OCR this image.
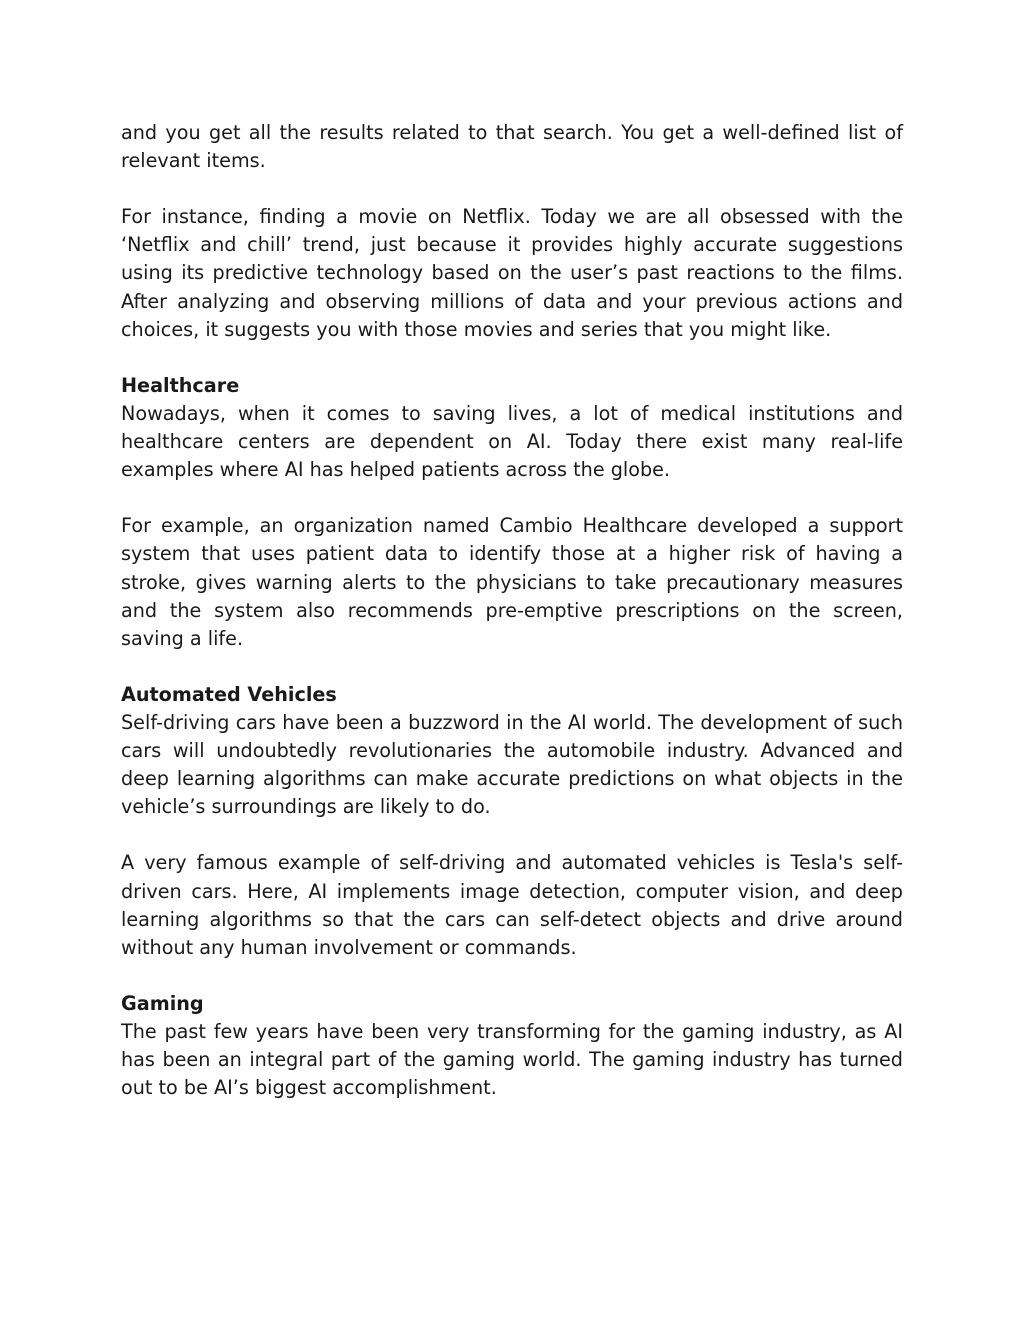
and you get all the results related to that search. You get a well-defined list of relevant items.

For instance, finding a movie on Netflix. Today we are all obsessed with the ‘Netflix and chill’ trend, just because it provides highly accurate suggestions using its predictive technology based on the user’s past reactions to the films. After analyzing and observing millions of data and your previous actions and choices, it suggests you with those movies and series that you might like.

Healthcare

Nowadays, when it comes to saving lives, a lot of medical institutions and healthcare centers are dependent on AI. Today there exist many real-life examples where AI has helped patients across the globe.

For example, an organization named Cambio Healthcare developed a support system that uses patient data to identify those at a higher risk of having a stroke, gives warning alerts to the physicians to take precautionary measures and the system also recommends pre-emptive prescriptions on the screen, saving a life.

Automated Vehicles

Self-driving cars have been a buzzword in the AI world. The development of such cars will undoubtedly revolutionaries the automobile industry. Advanced and deep learning algorithms can make accurate predictions on what objects in the vehicle’s surroundings are likely to do.

A very famous example of self-driving and automated vehicles is Tesla's self-driven cars. Here, AI implements image detection, computer vision, and deep learning algorithms so that the cars can self-detect objects and drive around without any human involvement or commands.

Gaming

The past few years have been very transforming for the gaming industry, as AI has been an integral part of the gaming world. The gaming industry has turned out to be AI’s biggest accomplishment.
